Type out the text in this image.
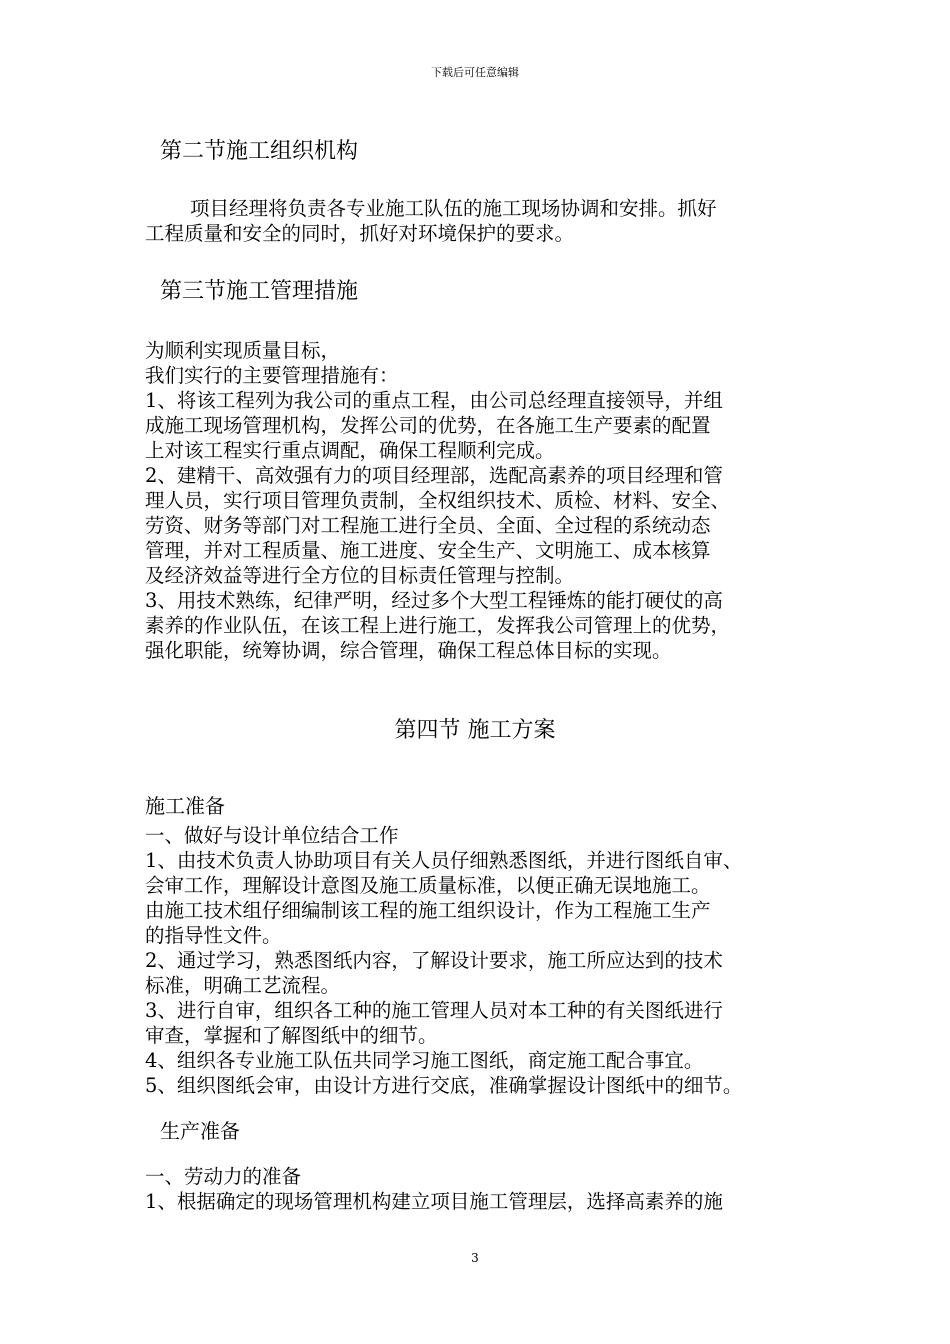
下载后可任意编辑
第二节施工组织机构
项目经理将负责各专业施工队伍的施工现场协调和安排。抓好
工程质量和安全的同时，抓好对环境保护的要求。
第三节施工管理措施
为顺利实现质量目标，
我们实行的主要管理措施有：
1、将该工程列为我公司的重点工程，由公司总经理直接领导，并组
成施工现场管理机构，发挥公司的优势，在各施工生产要素的配置
上对该工程实行重点调配，确保工程顺利完成。
2、建精干、高效强有力的项目经理部，选配高素养的项目经理和管
理人员，实行项目管理负责制，全权组织技术、质检、材料、安全、
劳资、财务等部门对工程施工进行全员、全面、全过程的系统动态
管理，并对工程质量、施工进度、安全生产、文明施工、成本核算
及经济效益等进行全方位的目标责任管理与控制。
3、用技术熟练，纪律严明，经过多个大型工程锤炼的能打硬仗的高
素养的作业队伍，在该工程上进行施工，发挥我公司管理上的优势，
强化职能，统筹协调，综合管理，确保工程总体目标的实现。
第四节 施工方案
施工准备
一、做好与设计单位结合工作
1、由技术负责人协助项目有关人员仔细熟悉图纸，并进行图纸自审、
会审工作，理解设计意图及施工质量标准，以便正确无误地施工。
由施工技术组仔细编制该工程的施工组织设计，作为工程施工生产
的指导性文件。
2、通过学习，熟悉图纸内容，了解设计要求，施工所应达到的技术
标准，明确工艺流程。
3、进行自审，组织各工种的施工管理人员对本工种的有关图纸进行
审查，掌握和了解图纸中的细节。
4、组织各专业施工队伍共同学习施工图纸，商定施工配合事宜。
5、组织图纸会审，由设计方进行交底，准确掌握设计图纸中的细节。
生产准备
一、劳动力的准备
1、根据确定的现场管理机构建立项目施工管理层，选择高素养的施
3
